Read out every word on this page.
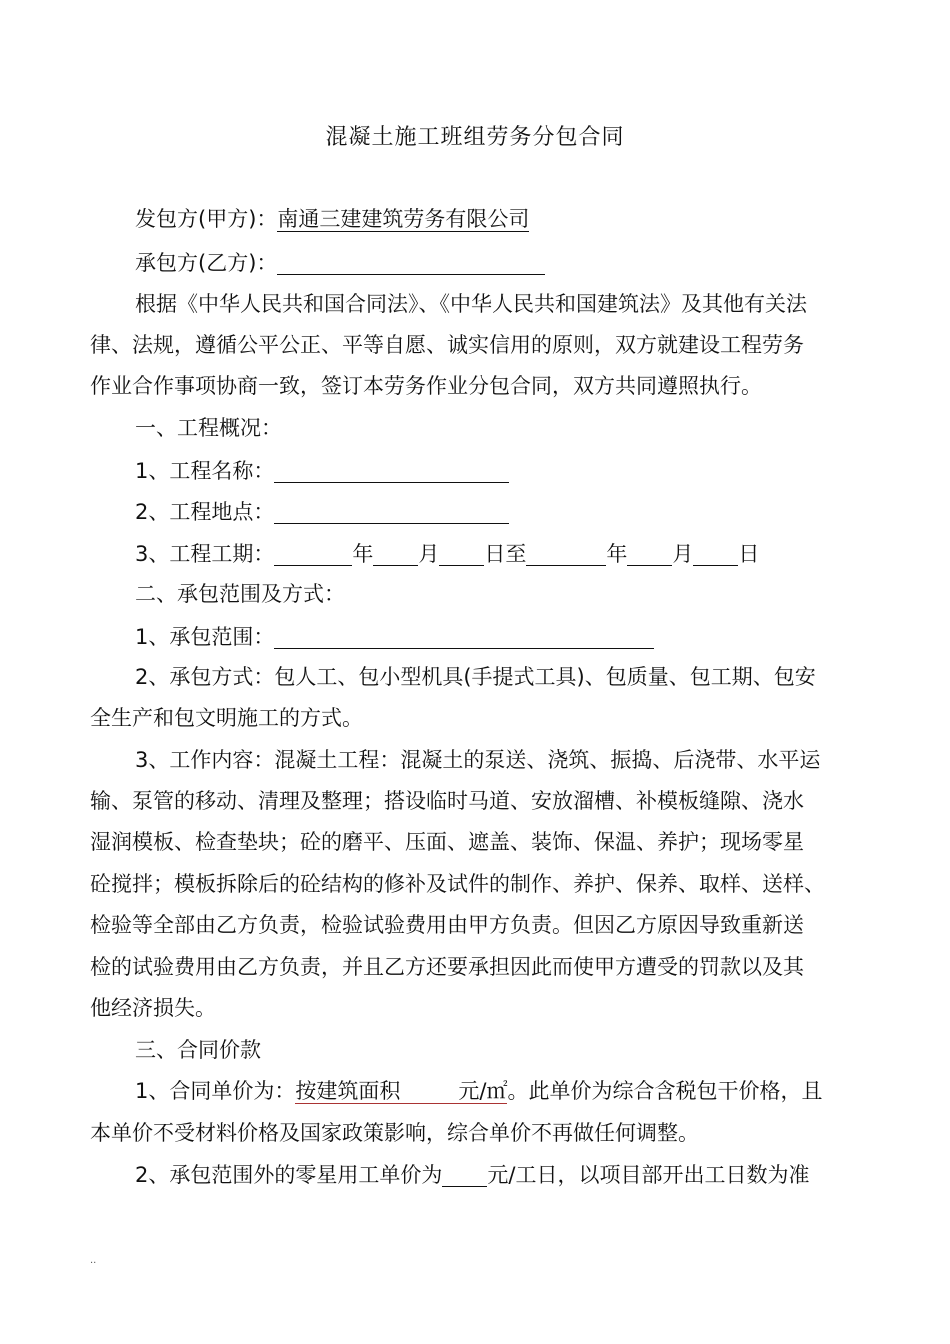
混凝土施工班组劳务分包合同
发包方(甲方)：南通三建建筑劳务有限公司
承包方(乙方)：
根据《中华人民共和国合同法》、《中华人民共和国建筑法》及其他有关法
律、法规，遵循公平公正、平等自愿、诚实信用的原则，双方就建设工程劳务
作业合作事项协商一致，签订本劳务作业分包合同，双方共同遵照执行。
一、工程概况：
1、工程名称：
2、工程地点：
3、工程工期：	年 月 日至	年 月 日
二、承包范围及方式：
1、承包范围：
2、承包方式：包人工、包小型机具(手提式工具)、包质量、包工期、包安
全生产和包文明施工的方式。
3、工作内容：混凝土工程：混凝土的泵送、浇筑、振捣、后浇带、水平运
输、泵管的移动、清理及整理；搭设临时马道、安放溜槽、补模板缝隙、浇水
湿润模板、检查垫块；砼的磨平、压面、遮盖、装饰、保温、养护；现场零星
砼搅拌；模板拆除后的砼结构的修补及试件的制作、养护、保养、取样、送样、
检验等全部由乙方负责，检验试验费用由甲方负责。但因乙方原因导致重新送
检的试验费用由乙方负责，并且乙方还要承担因此而使甲方遭受的罚款以及其
他经济损失。
三、合同价款
1、合同单价为：按建筑面积	元/㎡。此单价为综合含税包干价格，且
本单价不受材料价格及国家政策影响，综合单价不再做任何调整。
2、承包范围外的零星用工单价为 元/工日，以项目部开出工日数为准
..
